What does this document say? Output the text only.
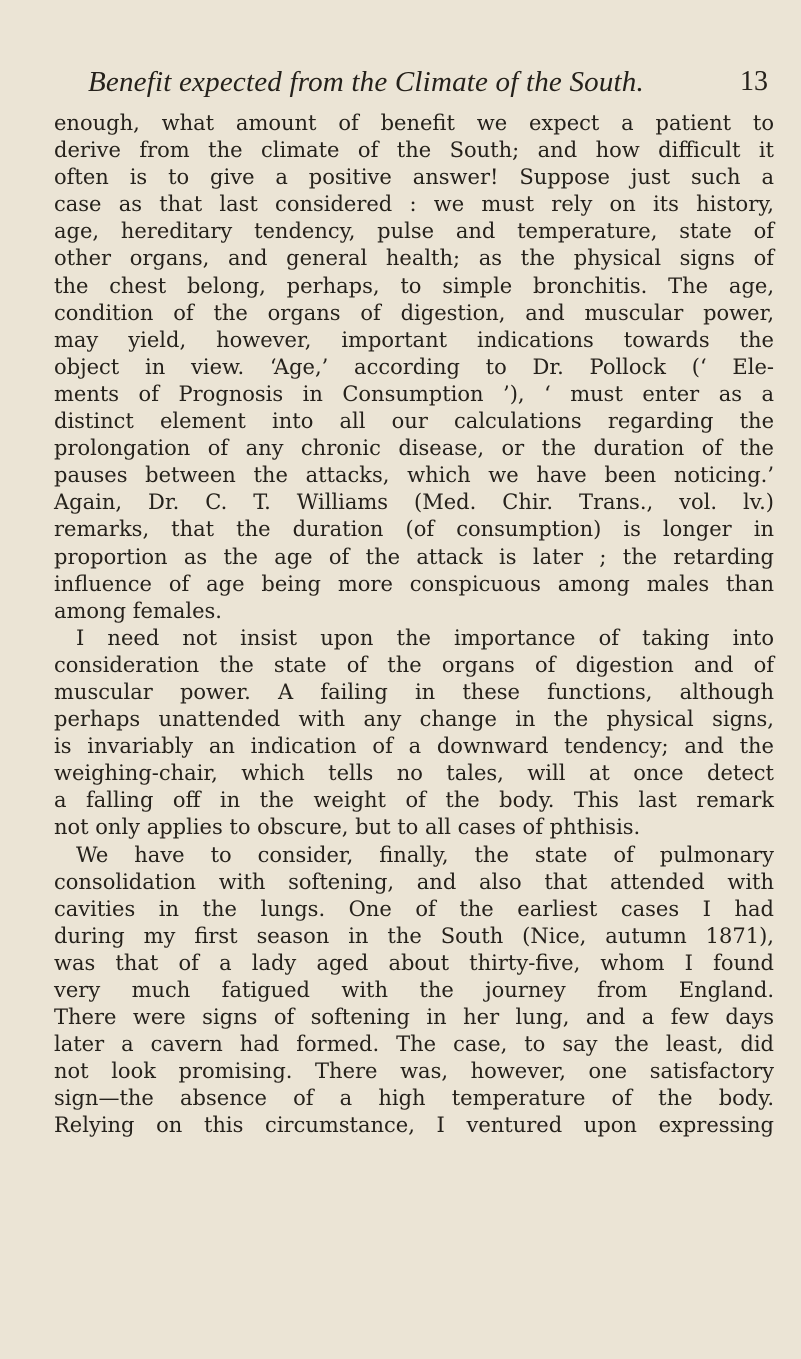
Benefit expected from the Climate of the South.	13
enough, what amount of benefit we expect a patient to
derive from the climate of the South; and how difficult it
often is to give a positive answer! Suppose just such a
case as that last considered : we must rely on its history,
age, hereditary tendency, pulse and temperature, state of
other organs, and general health; as the physical signs of
the chest belong, perhaps, to simple bronchitis. The age,
condition of the organs of digestion, and muscular power,
may yield, however, important indications towards the
object in view. ‘Age,’ according to Dr. Pollock (‘ Ele-
ments of Prognosis in Consumption ’), ‘ must enter as a
distinct element into all our calculations regarding the
prolongation of any chronic disease, or the duration of the
pauses between the attacks, which we have been noticing.’
Again, Dr. C. T. Williams (Med. Chir. Trans., vol. lv.)
remarks, that the duration (of consumption) is longer in
proportion as the age of the attack is later ; the retarding
influence of age being more conspicuous among males than
among females.
I need not insist upon the importance of taking into
consideration the state of the organs of digestion and of
muscular power. A failing in these functions, although
perhaps unattended with any change in the physical signs,
is invariably an indication of a downward tendency; and the
weighing-chair, which tells no tales, will at once detect
a falling off in the weight of the body. This last remark
not only applies to obscure, but to all cases of phthisis.
We have to consider, finally, the state of pulmonary
consolidation with softening, and also that attended with
cavities in the lungs. One of the earliest cases I had
during my first season in the South (Nice, autumn 1871),
was that of a lady aged about thirty-five, whom I found
very much fatigued with the journey from England.
There were signs of softening in her lung, and a few days
later a cavern had formed. The case, to say the least, did
not look promising. There was, however, one satisfactory
sign—the absence of a high temperature of the body.
Relying on this circumstance, I ventured upon expressing
